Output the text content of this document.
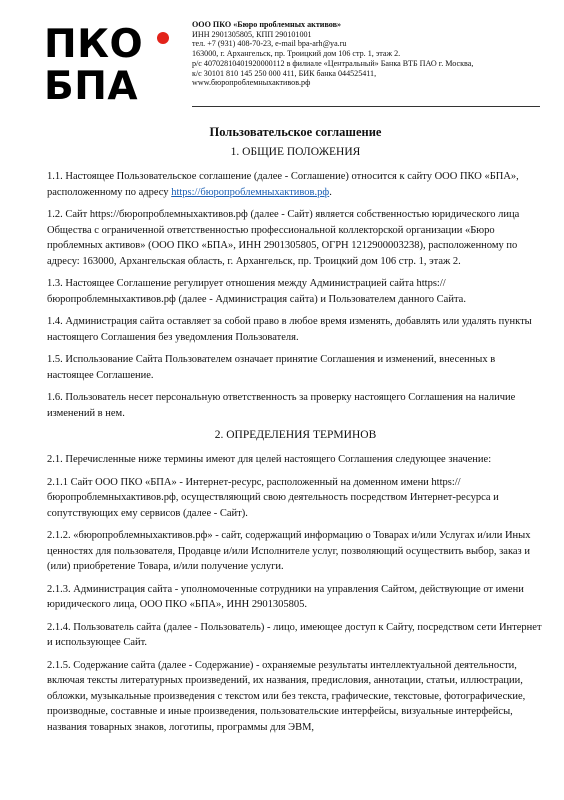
ПКО
БПА
ООО ПКО «Бюро проблемных активов»
ИНН 2901305805, КПП 290101001
тел. +7 (931) 408-70-23, e-mail bpa-arh@ya.ru
163000, г. Архангельск, пр. Троицкий дом 106 стр. 1, этаж 2.
р/с 40702810401920000112 в филиале «Центральный» Банка ВТБ ПАО г. Москва,
к/с 30101 810 145 250 000 411, БИК банка 044525411,
www.бюропроблемныхактивов.рф
Пользовательское соглашение
1. ОБЩИЕ ПОЛОЖЕНИЯ

1.1. Настоящее Пользовательское соглашение (далее - Соглашение) относится к сайту ООО ПКО «БПА», расположенному по адресу https://бюропроблемныхактивов.рф.

1.2. Сайт https://бюропроблемныхактивов.рф (далее - Сайт) является собственностью юридического лица Общества с ограниченной ответственностью профессиональной коллекторской организации «Бюро проблемных активов» (ООО ПКО «БПА», ИНН 2901305805, ОГРН 1212900003238), расположенному по адресу: 163000, Архангельская область, г. Архангельск, пр. Троицкий дом 106 стр. 1, этаж 2.

1.3. Настоящее Соглашение регулирует отношения между Администрацией сайта https://бюропроблемныхактивов.рф (далее - Администрация сайта) и Пользователем данного Сайта.

1.4. Администрация сайта оставляет за собой право в любое время изменять, добавлять или удалять пункты настоящего Соглашения без уведомления Пользователя.

1.5. Использование Сайта Пользователем означает принятие Соглашения и изменений, внесенных в настоящее Соглашение.

1.6. Пользователь несет персональную ответственность за проверку настоящего Соглашения на наличие изменений в нем.

2. ОПРЕДЕЛЕНИЯ ТЕРМИНОВ

2.1. Перечисленные ниже термины имеют для целей настоящего Соглашения следующее значение:

2.1.1 Сайт ООО ПКО «БПА» - Интернет-ресурс, расположенный на доменном имени https://бюропроблемныхактивов.рф, осуществляющий свою деятельность посредством Интернет-ресурса и сопутствующих ему сервисов (далее - Сайт).

2.1.2. «бюропроблемныхактивов.рф» - сайт, содержащий информацию о Товарах и/или Услугах и/или Иных ценностях для пользователя, Продавце и/или Исполнителе услуг, позволяющий осуществить выбор, заказ и (или) приобретение Товара, и/или получение услуги.

2.1.3. Администрация сайта - уполномоченные сотрудники на управления Сайтом, действующие от имени юридического лица, ООО ПКО «БПА», ИНН 2901305805.

2.1.4. Пользователь сайта (далее - Пользователь) - лицо, имеющее доступ к Сайту, посредством сети Интернет и использующее Сайт.

2.1.5. Содержание сайта (далее - Содержание) - охраняемые результаты интеллектуальной деятельности, включая тексты литературных произведений, их названия, предисловия, аннотации, статьи, иллюстрации, обложки, музыкальные произведения с текстом или без текста, графические, текстовые, фотографические, производные, составные и иные произведения, пользовательские интерфейсы, визуальные интерфейсы, названия товарных знаков, логотипы, программы для ЭВМ,
